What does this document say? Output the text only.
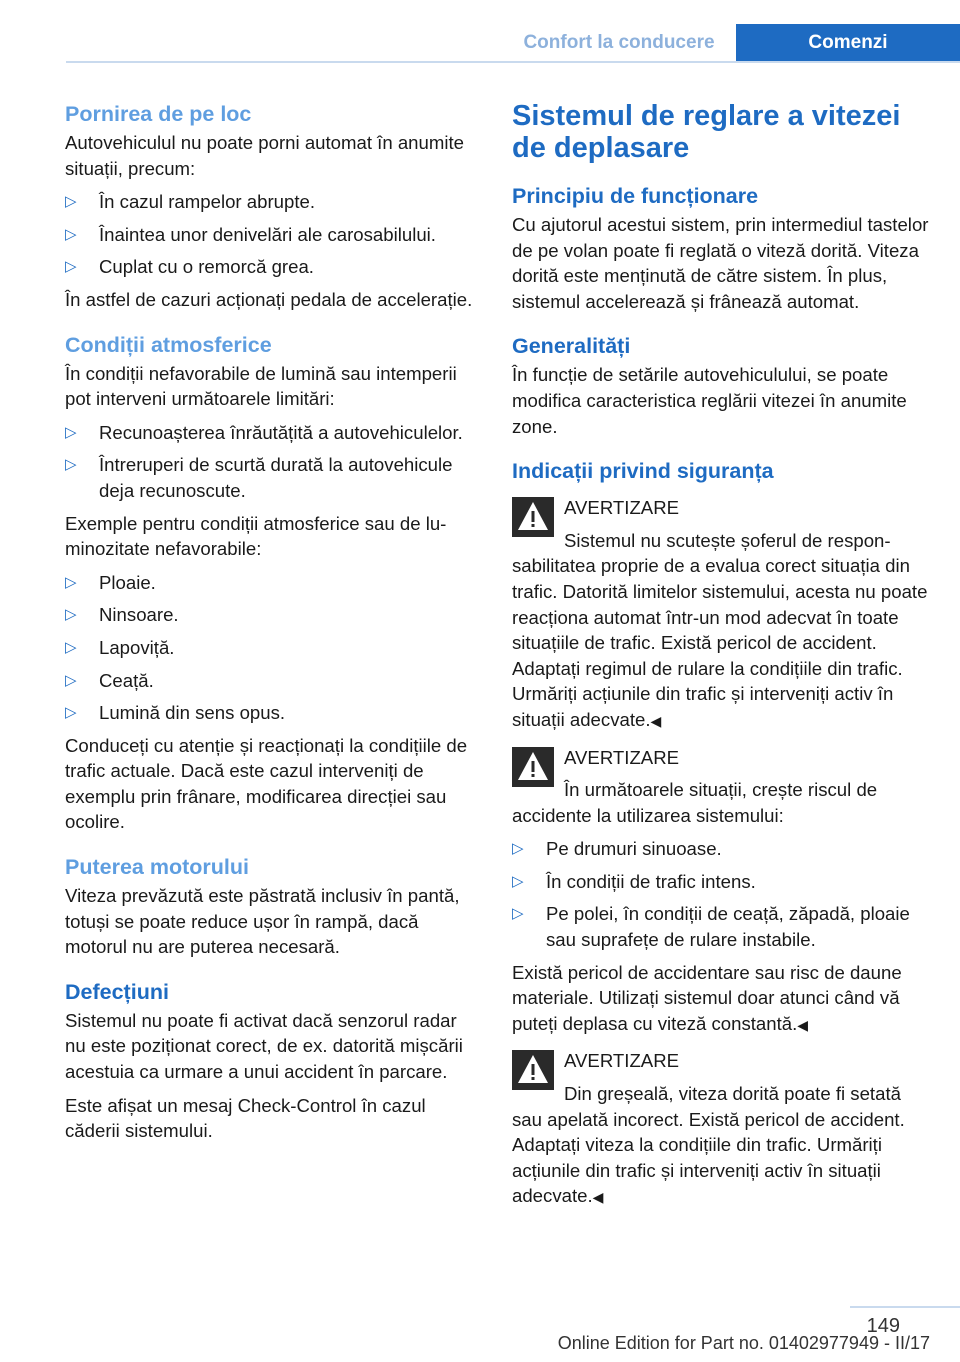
Confort la conducere	Comenzi
Pornirea de pe loc

Autovehiculul nu poate porni automat în anumite situații, precum:

▷ În cazul rampelor abrupte.
▷ Înaintea unor denivelări ale carosabilului.
▷ Cuplat cu o remorcă grea.

În astfel de cazuri acționați pedala de accelerație.

Condiții atmosferice

În condiții nefavorabile de lumină sau intemperii pot interveni următoarele limitări:

▷ Recunoașterea înrăutățită a autovehiculelor.
▷ Întreruperi de scurtă durată la autovehicule deja recunoscute.

Exemple pentru condiții atmosferice sau de luminozitate nefavorabile:

▷ Ploaie.
▷ Ninsoare.
▷ Lapoviță.
▷ Ceață.
▷ Lumină din sens opus.

Conduceți cu atenție și reacționați la condițiile de trafic actuale. Dacă este cazul interveniți de exemplu prin frânare, modificarea direcției sau ocolire.

Puterea motorului

Viteza prevăzută este păstrată inclusiv în pantă, totuși se poate reduce ușor în rampă, dacă motorul nu are puterea necesară.

Defecțiuni

Sistemul nu poate fi activat dacă senzorul radar nu este poziționat corect, de ex. datorită mișcării acestuia ca urmare a unui accident în parcare.

Este afișat un mesaj Check-Control în cazul căderii sistemului.

Sistemul de reglare a vitezei de deplasare
Principiu de funcționare

Cu ajutorul acestui sistem, prin intermediul tastelor de pe volan poate fi reglată o viteză dorită. Viteza dorită este menținută de către sistem. În plus, sistemul accelerează și frânează automat.

Generalități

În funcție de setările autovehiculului, se poate modifica caracteristica reglării vitezei în anumite zone.

Indicații privind siguranța
AVERTIZARE

Sistemul nu scutește șoferul de responsabilitatea proprie de a evalua corect situația din trafic. Datorită limitelor sistemului, acesta nu poate reacționa automat într-un mod adecvat în toate situațiile de trafic. Există pericol de accident. Adaptați regimul de rulare la condițiile din trafic. Urmăriți acțiunile din trafic și interveniți activ în situații adecvate.◀

AVERTIZARE

În următoarele situații, crește riscul de accidente la utilizarea sistemului:

▷ Pe drumuri sinuoase.
▷ În condiții de trafic intens.
▷ Pe polei, în condiții de ceață, zăpadă, ploaie sau suprafețe de rulare instabile.

Există pericol de accidentare sau risc de daune materiale. Utilizați sistemul doar atunci când vă puteți deplasa cu viteză constantă.◀

AVERTIZARE

Din greșeală, viteza dorită poate fi setată sau apelată incorect. Există pericol de accident. Adaptați viteza la condițiile din trafic. Urmăriți acțiunile din trafic și interveniți activ în situații adecvate.◀

149
Online Edition for Part no. 01402977949 - II/17
